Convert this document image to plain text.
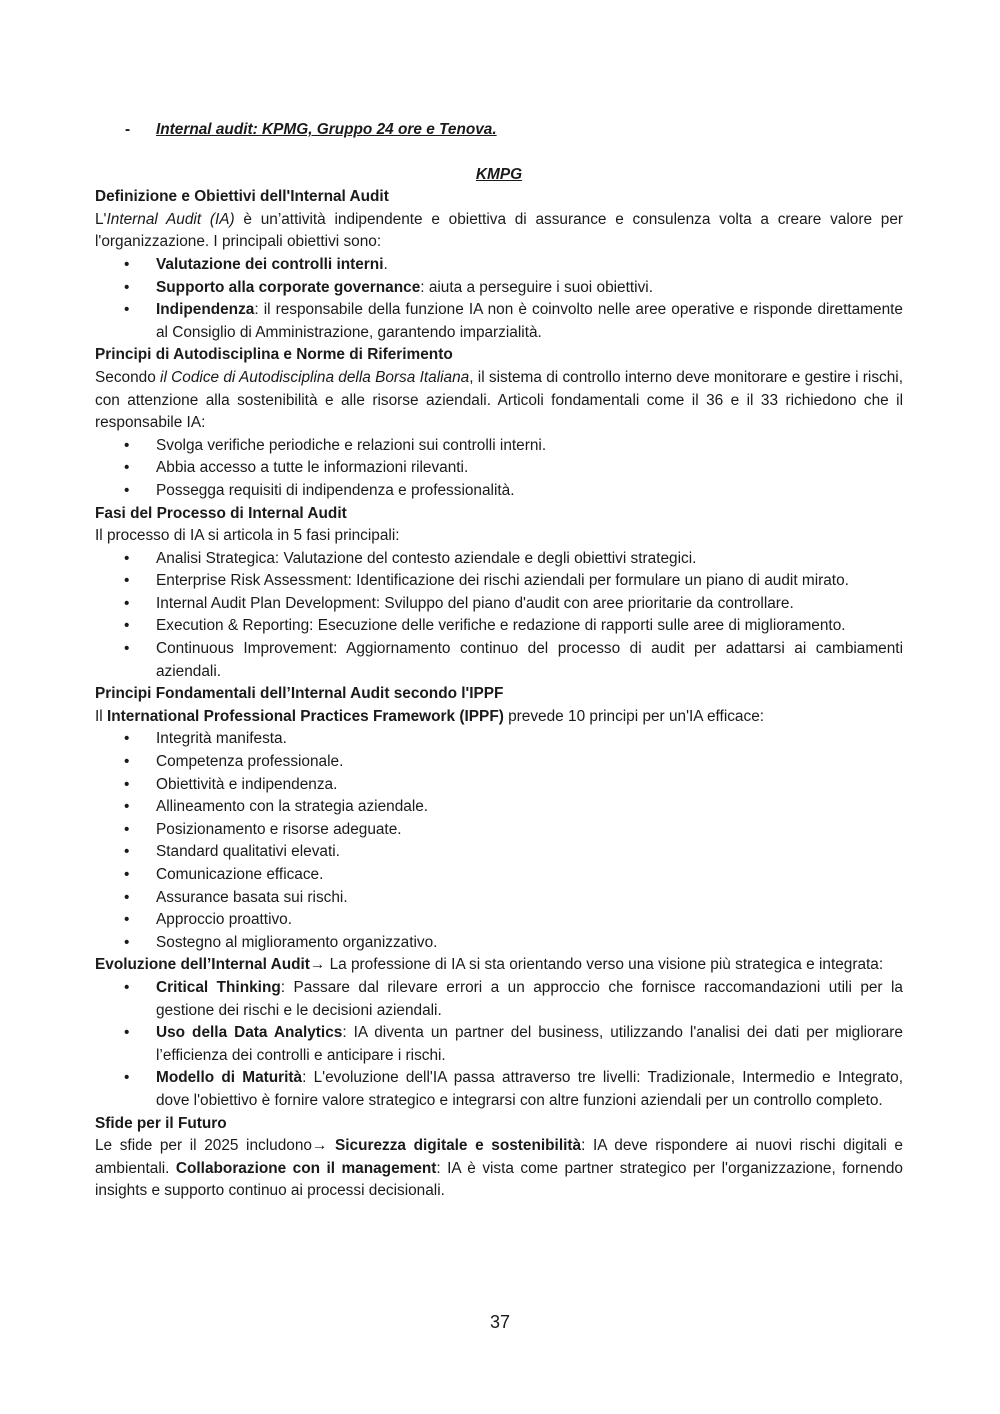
- Internal audit: KPMG, Gruppo 24 ore e Tenova.

KMPG

Definizione e Obiettivi dell'Internal Audit

L'Internal Audit (IA) è un’attività indipendente e obiettiva di assurance e consulenza volta a creare valore per l'organizzazione. I principali obiettivi sono:

• Valutazione dei controlli interni.
• Supporto alla corporate governance: aiuta a perseguire i suoi obiettivi.
• Indipendenza: il responsabile della funzione IA non è coinvolto nelle aree operative e risponde direttamente al Consiglio di Amministrazione, garantendo imparzialità.

Principi di Autodisciplina e Norme di Riferimento

Secondo il Codice di Autodisciplina della Borsa Italiana, il sistema di controllo interno deve monitorare e gestire i rischi, con attenzione alla sostenibilità e alle risorse aziendali. Articoli fondamentali come il 36 e il 33 richiedono che il responsabile IA:

• Svolga verifiche periodiche e relazioni sui controlli interni.
• Abbia accesso a tutte le informazioni rilevanti.
• Possegga requisiti di indipendenza e professionalità.

Fasi del Processo di Internal Audit

Il processo di IA si articola in 5 fasi principali:

• Analisi Strategica: Valutazione del contesto aziendale e degli obiettivi strategici.
• Enterprise Risk Assessment: Identificazione dei rischi aziendali per formulare un piano di audit mirato.
• Internal Audit Plan Development: Sviluppo del piano d'audit con aree prioritarie da controllare.
• Execution & Reporting: Esecuzione delle verifiche e redazione di rapporti sulle aree di miglioramento.
• Continuous Improvement: Aggiornamento continuo del processo di audit per adattarsi ai cambiamenti aziendali.

Principi Fondamentali dell’Internal Audit secondo l'IPPF

Il International Professional Practices Framework (IPPF) prevede 10 principi per un'IA efficace:

• Integrità manifesta.
• Competenza professionale.
• Obiettività e indipendenza.
• Allineamento con la strategia aziendale.
• Posizionamento e risorse adeguate.
• Standard qualitativi elevati.
• Comunicazione efficace.
• Assurance basata sui rischi.
• Approccio proattivo.
• Sostegno al miglioramento organizzativo.

Evoluzione dell’Internal Audit→ La professione di IA si sta orientando verso una visione più strategica e integrata:

• Critical Thinking: Passare dal rilevare errori a un approccio che fornisce raccomandazioni utili per la gestione dei rischi e le decisioni aziendali.
• Uso della Data Analytics: IA diventa un partner del business, utilizzando l'analisi dei dati per migliorare l’efficienza dei controlli e anticipare i rischi.
• Modello di Maturità: L'evoluzione dell'IA passa attraverso tre livelli: Tradizionale, Intermedio e Integrato, dove l'obiettivo è fornire valore strategico e integrarsi con altre funzioni aziendali per un controllo completo.

Sfide per il Futuro

Le sfide per il 2025 includono→ Sicurezza digitale e sostenibilità: IA deve rispondere ai nuovi rischi digitali e ambientali. Collaborazione con il management: IA è vista come partner strategico per l'organizzazione, fornendo insights e supporto continuo ai processi decisionali.

37
